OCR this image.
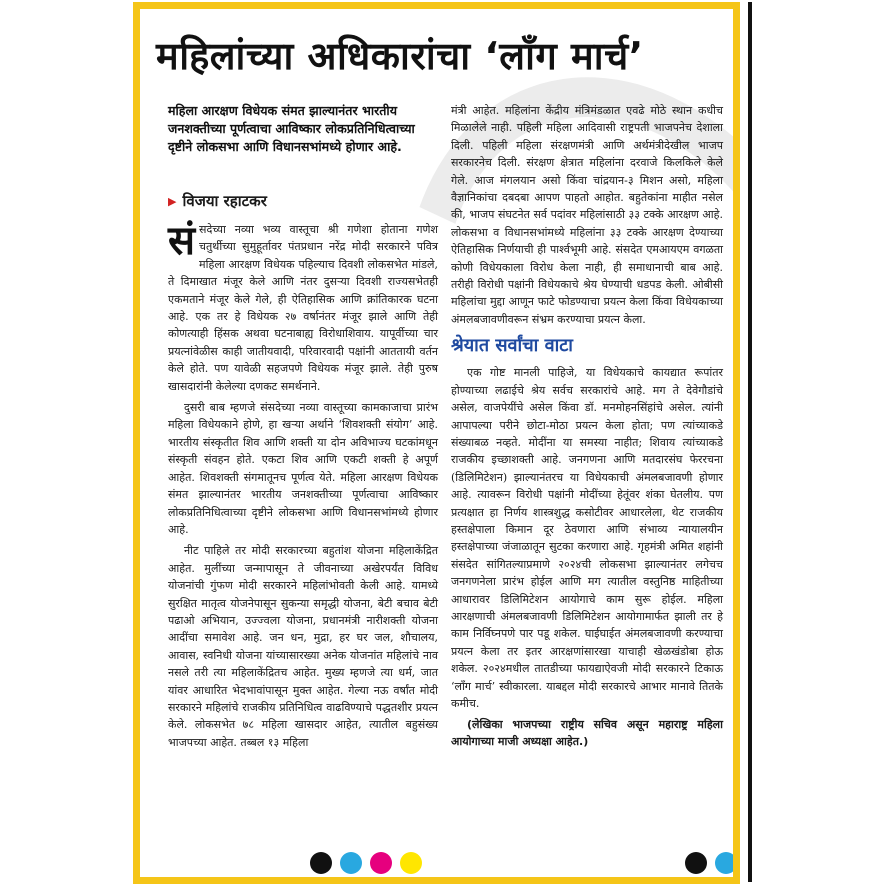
महिलांच्या अधिकारांचा ‘लाँग मार्च’
महिला आरक्षण विधेयक संमत झाल्यानंतर भारतीय जनशक्तीच्या पूर्णत्वाचा आविष्कार लोकप्रतिनिधित्वाच्या दृष्टीने लोकसभा आणि विधानसभांमध्ये होणार आहे.
▶ विजया रहाटकर

संसदेच्या नव्या भव्य वास्तूचा श्री गणेशा होताना गणेश चतुर्थीच्या सुमुहूर्तावर पंतप्रधान नरेंद्र मोदी सरकारने पवित्र महिला आरक्षण विधेयक पहिल्याच दिवशी लोकसभेत मांडले, ते दिमाखात मंजूर केले आणि नंतर दुसऱ्या दिवशी राज्यसभेतही एकमताने मंजूर केले गेले, ही ऐतिहासिक आणि क्रांतिकारक घटना आहे. एक तर हे विधेयक २७ वर्षानंतर मंजूर झाले आणि तेही कोणत्याही हिंसक अथवा घटनाबाह्य विरोधाशिवाय. यापूर्वीच्या चार प्रयत्नांवेळीस काही जातीयवादी, परिवारवादी पक्षांनी आततायी वर्तन केले होते. पण यावेळी सहजपणे विधेयक मंजूर झाले. तेही पुरुष खासदारांनी केलेल्या दणकट समर्थनाने.

दुसरी बाब म्हणजे संसदेच्या नव्या वास्तूच्या कामकाजाचा प्रारंभ महिला विधेयकाने होणे, हा खऱ्या अर्थाने ‘शिवशक्ती संयोग’ आहे. भारतीय संस्कृतीत शिव आणि शक्ती या दोन अविभाज्य घटकांमधून संस्कृती संवहन होते. एकटा शिव आणि एकटी शक्ती हे अपूर्ण आहेत. शिवशक्ती संगमातूनच पूर्णत्व येते. महिला आरक्षण विधेयक संमत झाल्यानंतर भारतीय जनशक्तीच्या पूर्णत्वाचा आविष्कार लोकप्रतिनिधित्वाच्या दृष्टीने लोकसभा आणि विधानसभांमध्ये होणार आहे.

नीट पाहिले तर मोदी सरकारच्या बहुतांश योजना महिलाकेंद्रित आहेत. मुलींच्या जन्मापासून ते जीवनाच्या अखेरपर्यंत विविध योजनांची गुंफण मोदी सरकारने महिलांभोवती केली आहे. यामध्ये सुरक्षित मातृत्व योजनेपासून सुकन्या समृद्धी योजना, बेटी बचाव बेटी पढाओ अभियान, उज्ज्वला योजना, प्रधानमंत्री नारीशक्ती योजना आदींचा समावेश आहे. जन धन, मुद्रा, हर घर जल, शौचालय, आवास, स्वनिधी योजना यांच्यासारख्या अनेक योजनांत महिलांचे नाव नसले तरी त्या महिलाकेंद्रितच आहेत. मुख्य म्हणजे त्या धर्म, जात यांवर आधारित भेदभावांपासून मुक्त आहेत. गेल्या नऊ वर्षांत मोदी सरकारने महिलांचे राजकीय प्रतिनिधित्व वाढविण्याचे पद्धतशीर प्रयत्न केले. लोकसभेत ७८ महिला खासदार आहेत, त्यातील बहुसंख्य भाजपच्या आहेत. तब्बल १३ महिला

मंत्री आहेत. महिलांना केंद्रीय मंत्रिमंडळात एवढे मोठे स्थान कधीच मिळालेले नाही. पहिली महिला आदिवासी राष्ट्रपती भाजपनेच देशाला दिली. पहिली महिला संरक्षणमंत्री आणि अर्थमंत्रीदेखील भाजप सरकारनेच दिली. संरक्षण क्षेत्रात महिलांना दरवाजे किलकिले केले गेले. आज मंगलयान असो किंवा चांद्रयान-३ मिशन असो, महिला वैज्ञानिकांचा दबदबा आपण पाहतो आहोत. बहुतेकांना माहीत नसेल की, भाजप संघटनेत सर्व पदांवर महिलांसाठी ३३ टक्के आरक्षण आहे. लोकसभा व विधानसभांमध्ये महिलांना ३३ टक्के आरक्षण देण्याच्या ऐतिहासिक निर्णयाची ही पार्श्वभूमी आहे. संसदेत एमआयएम वगळता कोणी विधेयकाला विरोध केला नाही, ही समाधानाची बाब आहे. तरीही विरोधी पक्षांनी विधेयकाचे श्रेय घेण्याची धडपड केली. ओबीसी महिलांचा मुद्दा आणून फाटे फोडण्याचा प्रयत्न केला किंवा विधेयकाच्या अंमलबजावणीवरून संभ्रम करण्याचा प्रयत्न केला.

श्रेयात सर्वांचा वाटा

एक गोष्ट मानली पाहिजे, या विधेयकाचे कायद्यात रूपांतर होण्याच्या लढाईचे श्रेय सर्वच सरकारांचे आहे. मग ते देवेगौडांचे असेल, वाजपेयींचे असेल किंवा डॉ. मनमोहनसिंहांचे असेल. त्यांनी आपापल्या परीने छोटा-मोठा प्रयत्न केला होता; पण त्यांच्याकडे संख्याबळ नव्हते. मोदींना या समस्या नाहीत; शिवाय त्यांच्याकडे राजकीय इच्छाशक्ती आहे. जनगणना आणि मतदारसंघ फेररचना (डिलिमिटेशन) झाल्यानंतरच या विधेयकाची अंमलबजावणी होणार आहे. त्यावरून विरोधी पक्षांनी मोदींच्या हेतूंवर शंका घेतलीय. पण प्रत्यक्षात हा निर्णय शास्त्रशुद्ध कसोटीवर आधारलेला, थेट राजकीय हस्तक्षेपाला किमान दूर ठेवणारा आणि संभाव्य न्यायालयीन हस्तक्षेपाच्या जंजाळातून सुटका करणारा आहे. गृहमंत्री अमित शहांनी संसदेत सांगितल्याप्रमाणे २०२४ची लोकसभा झाल्यानंतर लगेचच जनगणनेला प्रारंभ होईल आणि मग त्यातील वस्तुनिष्ठ माहितीच्या आधारावर डिलिमिटेशन आयोगाचे काम सुरू होईल. महिला आरक्षणाची अंमलबजावणी डिलिमिटेशन आयोगामार्फत झाली तर हे काम निर्विघ्नपणे पार पडू शकेल. घाईघाईत अंमलबजावणी करण्याचा प्रयत्न केला तर इतर आरक्षणांसारखा याचाही खेळखंडोबा होऊ शकेल. २०२४मधील तातडीच्या फायद्याऐवजी मोदी सरकारने टिकाऊ ‘लाँग मार्च’ स्वीकारला. याबद्दल मोदी सरकारचे आभार मानावे तितके कमीच.

(लेखिका भाजपच्या राष्ट्रीय सचिव असून महाराष्ट्र महिला आयोगाच्या माजी अध्यक्षा आहेत.)
